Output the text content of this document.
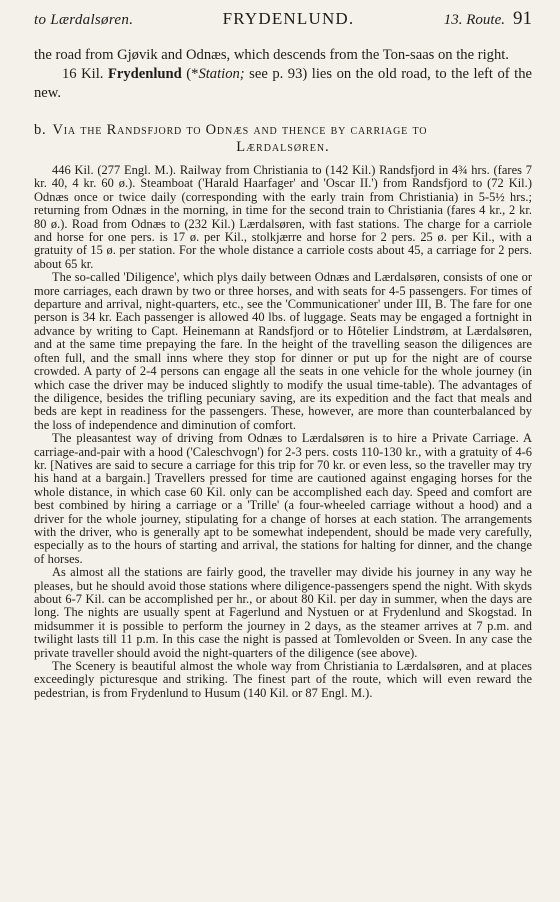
to Lærdalsøren.	FRYDENLUND.	13. Route. 91

the road from Gjøvik and Odnæs, which descends from the Ton-saas on the right.

16 Kil. Frydenlund (*Station; see p. 93) lies on the old road, to the left of the new.

b. Via the Randsfjord to Odnæs and thence by carriage to
Lærdalsøren.

446 Kil. (277 Engl. M.). Railway from Christiania to (142 Kil.) Randsfjord in 4¾ hrs. (fares 7 kr. 40, 4 kr. 60 ø.). Steamboat ('Harald Haarfager' and 'Oscar II.') from Randsfjord to (72 Kil.) Odnæs once or twice daily (corresponding with the early train from Christiania) in 5-5½ hrs.; returning from Odnæs in the morning, in time for the second train to Christiania (fares 4 kr., 2 kr. 80 ø.). Road from Odnæs to (232 Kil.) Lærdalsøren, with fast stations. The charge for a carriole and horse for one pers. is 17 ø. per Kil., stolkjærre and horse for 2 pers. 25 ø. per Kil., with a gratuity of 15 ø. per station. For the whole distance a carriole costs about 45, a carriage for 2 pers. about 65 kr.

The so-called 'Diligence', which plys daily between Odnæs and Lærdalsøren, consists of one or more carriages, each drawn by two or three horses, and with seats for 4-5 passengers. For times of departure and arrival, night-quarters, etc., see the 'Communicationer' under III, B. The fare for one person is 34 kr. Each passenger is allowed 40 lbs. of luggage. Seats may be engaged a fortnight in advance by writing to Capt. Heinemann at Randsfjord or to Hôtelier Lindstrøm, at Lærdalsøren, and at the same time prepaying the fare. In the height of the travelling season the diligences are often full, and the small inns where they stop for dinner or put up for the night are of course crowded. A party of 2-4 persons can engage all the seats in one vehicle for the whole journey (in which case the driver may be induced slightly to modify the usual time-table). The advantages of the diligence, besides the trifling pecuniary saving, are its expedition and the fact that meals and beds are kept in readiness for the passengers. These, however, are more than counterbalanced by the loss of independence and diminution of comfort.

The pleasantest way of driving from Odnæs to Lærdalsøren is to hire a Private Carriage. A carriage-and-pair with a hood ('Caleschvogn') for 2-3 pers. costs 110-130 kr., with a gratuity of 4-6 kr. [Natives are said to secure a carriage for this trip for 70 kr. or even less, so the traveller may try his hand at a bargain.] Travellers pressed for time are cautioned against engaging horses for the whole distance, in which case 60 Kil. only can be accomplished each day. Speed and comfort are best combined by hiring a carriage or a 'Trille' (a four-wheeled carriage without a hood) and a driver for the whole journey, stipulating for a change of horses at each station. The arrangements with the driver, who is generally apt to be somewhat independent, should be made very carefully, especially as to the hours of starting and arrival, the stations for halting for dinner, and the change of horses.

As almost all the stations are fairly good, the traveller may divide his journey in any way he pleases, but he should avoid those stations where diligence-passengers spend the night. With skyds about 6-7 Kil. can be accomplished per hr., or about 80 Kil. per day in summer, when the days are long. The nights are usually spent at Fagerlund and Nystuen or at Frydenlund and Skogstad. In midsummer it is possible to perform the journey in 2 days, as the steamer arrives at 7 p.m. and twilight lasts till 11 p.m. In this case the night is passed at Tomlevolden or Sveen. In any case the private traveller should avoid the night-quarters of the diligence (see above).

The Scenery is beautiful almost the whole way from Christiania to Lærdalsøren, and at places exceedingly picturesque and striking. The finest part of the route, which will even reward the pedestrian, is from Frydenlund to Husum (140 Kil. or 87 Engl. M.).
